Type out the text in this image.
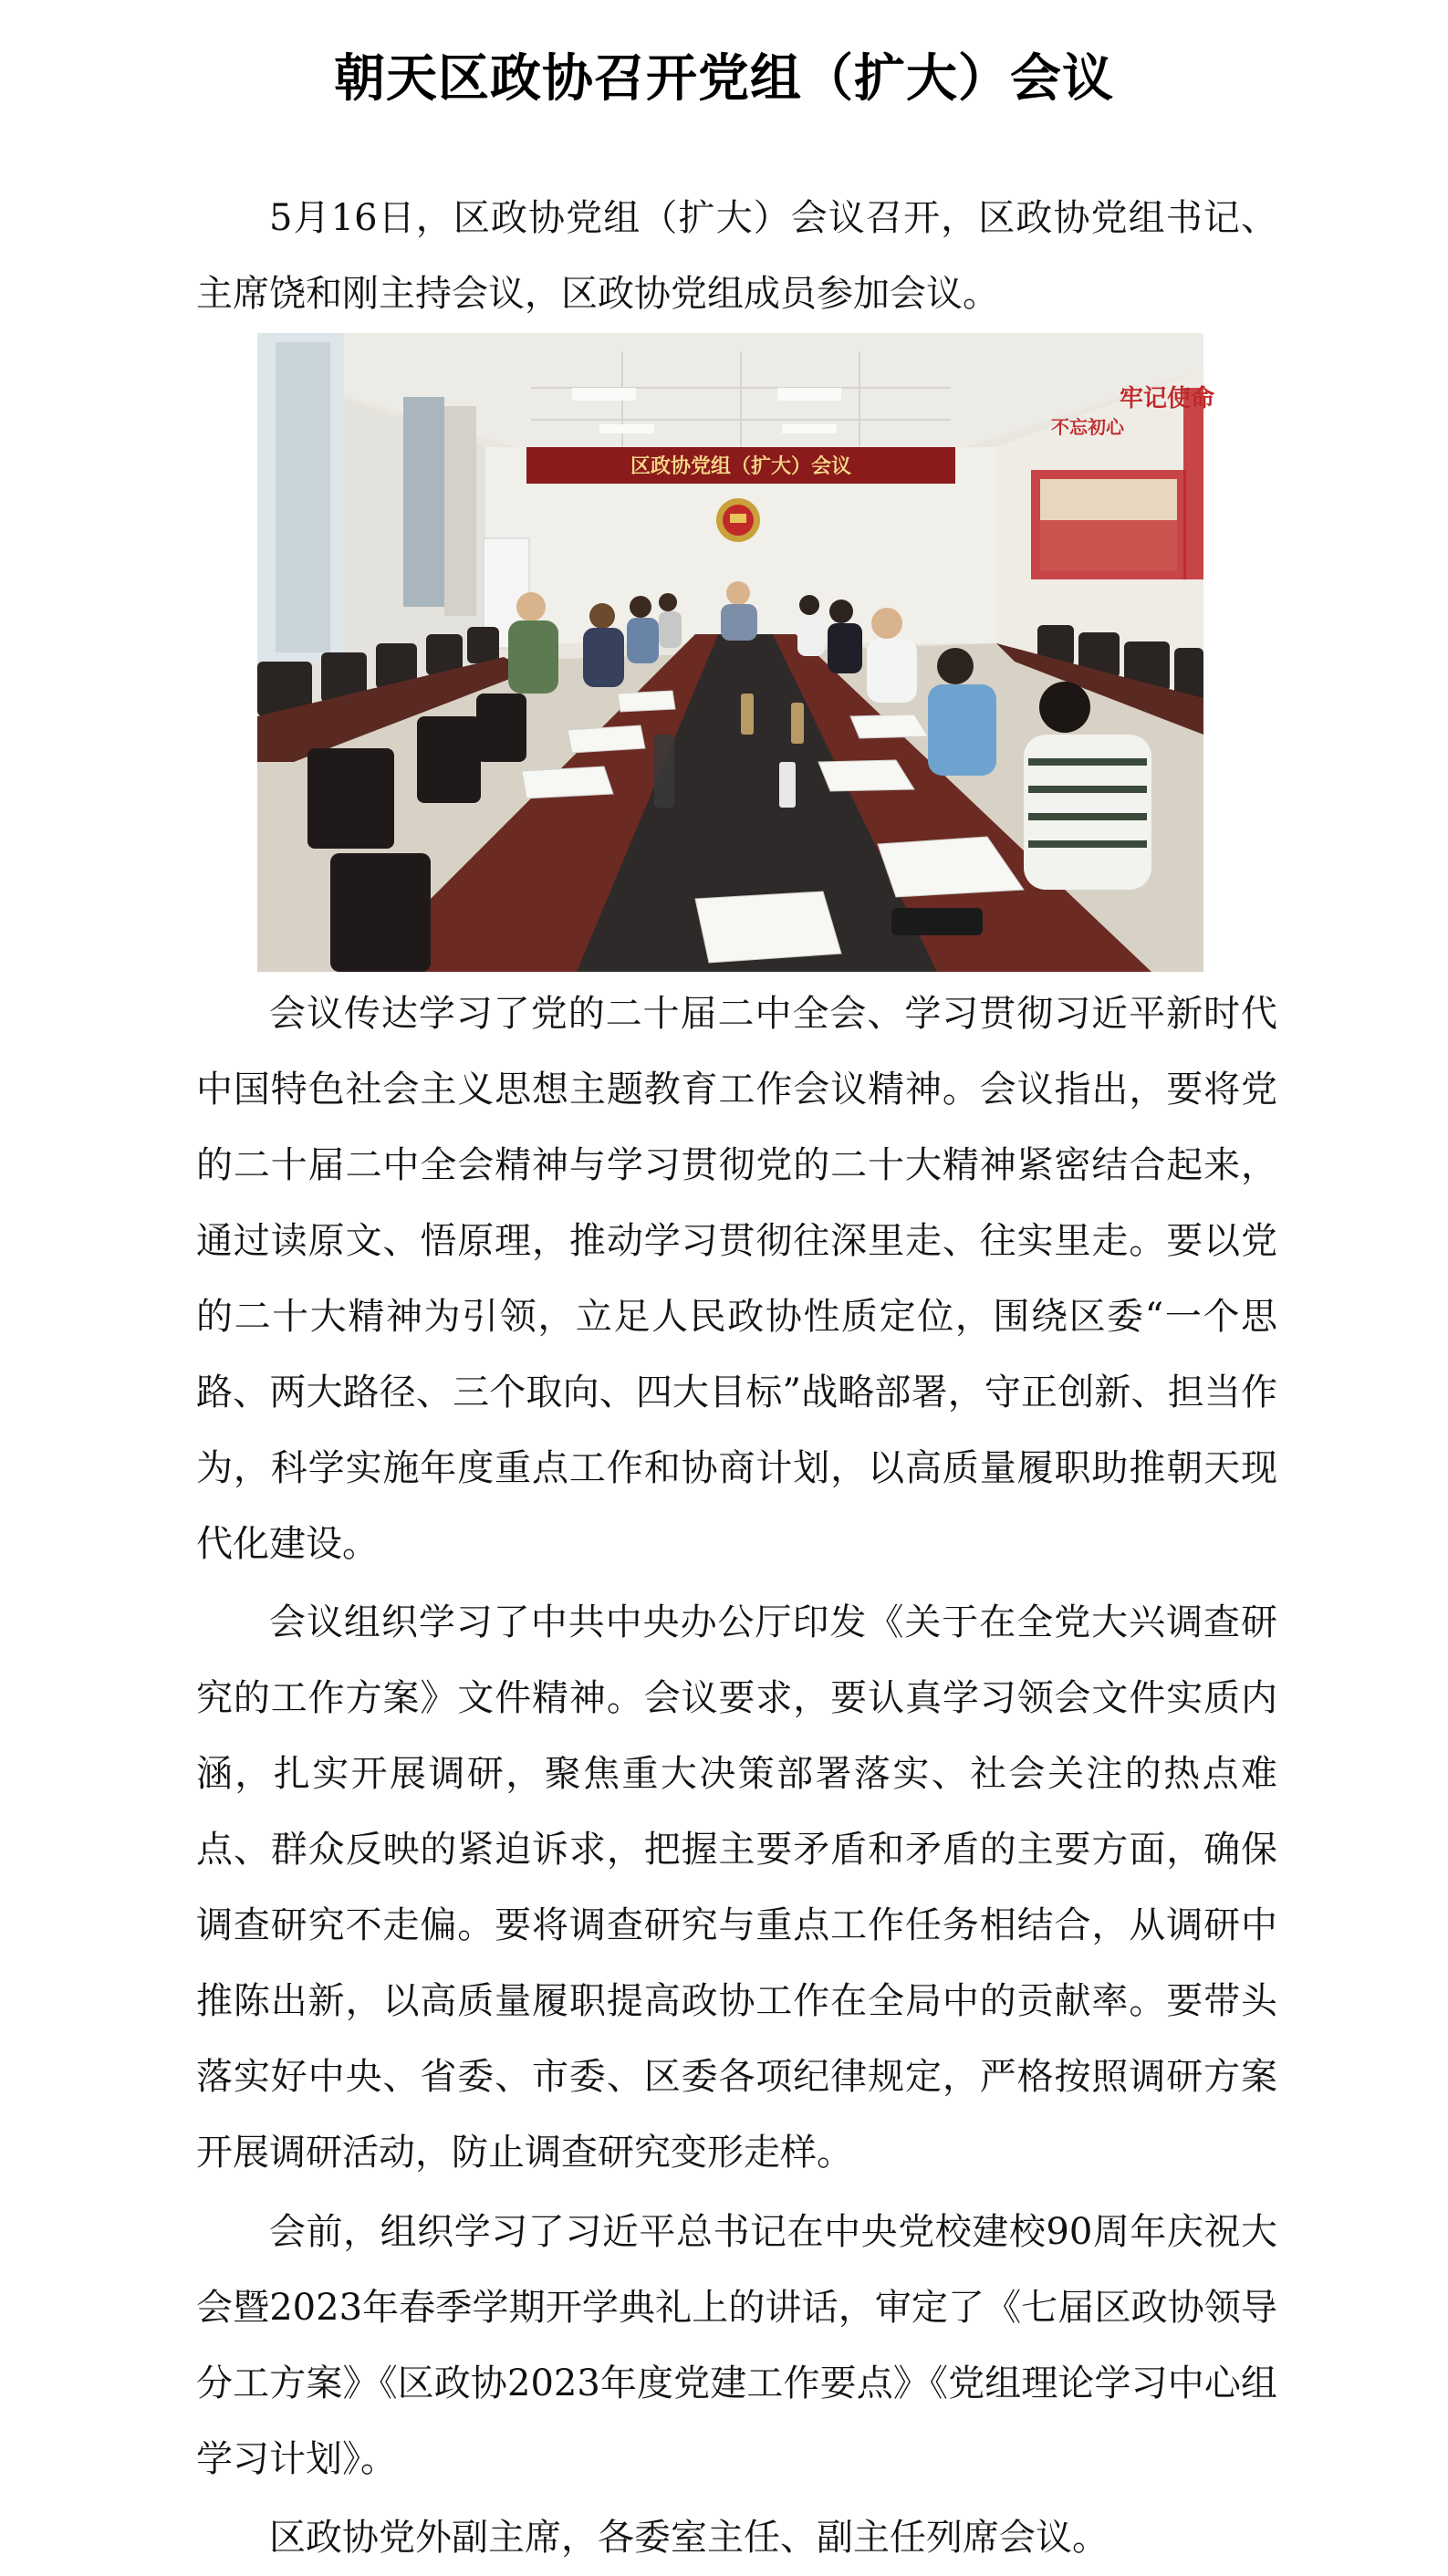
朝天区政协召开党组（扩大）会议

5月16日，区政协党组（扩大）会议召开，区政协党组书记、主席饶和刚主持会议，区政协党组成员参加会议。

区政协党组（扩大）会议
不忘初心
牢记使命

会议传达学习了党的二十届二中全会、学习贯彻习近平新时代中国特色社会主义思想主题教育工作会议精神。会议指出，要将党的二十届二中全会精神与学习贯彻党的二十大精神紧密结合起来，通过读原文、悟原理，推动学习贯彻往深里走、往实里走。要以党的二十大精神为引领，立足人民政协性质定位，围绕区委“一个思路、两大路径、三个取向、四大目标”战略部署，守正创新、担当作为，科学实施年度重点工作和协商计划，以高质量履职助推朝天现代化建设。

会议组织学习了中共中央办公厅印发《关于在全党大兴调查研究的工作方案》文件精神。会议要求，要认真学习领会文件实质内涵，扎实开展调研，聚焦重大决策部署落实、社会关注的热点难点、群众反映的紧迫诉求，把握主要矛盾和矛盾的主要方面，确保调查研究不走偏。要将调查研究与重点工作任务相结合，从调研中推陈出新，以高质量履职提高政协工作在全局中的贡献率。要带头落实好中央、省委、市委、区委各项纪律规定，严格按照调研方案开展调研活动，防止调查研究变形走样。

会前，组织学习了习近平总书记在中央党校建校90周年庆祝大会暨2023年春季学期开学典礼上的讲话，审定了《七届区政协领导分工方案》《区政协2023年度党建工作要点》《党组理论学习中心组学习计划》。

区政协党外副主席，各委室主任、副主任列席会议。
